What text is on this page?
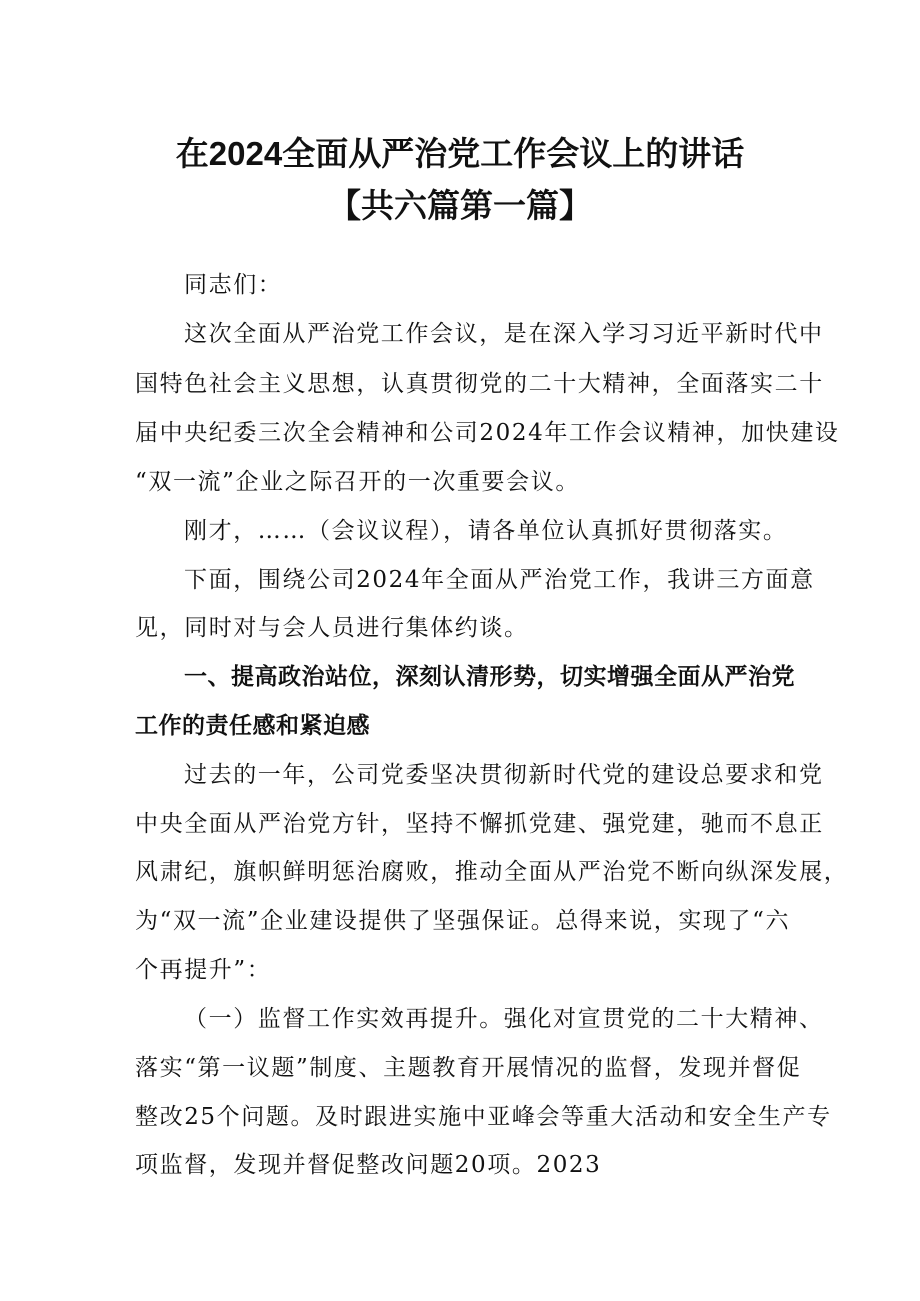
在2024全面从严治党工作会议上的讲话
【共六篇第一篇】
同志们：
这次全面从严治党工作会议，是在深入学习习近平新时代中
国特色社会主义思想，认真贯彻党的二十大精神，全面落实二十
届中央纪委三次全会精神和公司2024年工作会议精神，加快建设
“双一流”企业之际召开的一次重要会议。
刚才，……（会议议程），请各单位认真抓好贯彻落实。
下面，围绕公司2024年全面从严治党工作，我讲三方面意
见，同时对与会人员进行集体约谈。
一、提高政治站位，深刻认清形势，切实增强全面从严治党
工作的责任感和紧迫感
过去的一年，公司党委坚决贯彻新时代党的建设总要求和党
中央全面从严治党方针，坚持不懈抓党建、强党建，驰而不息正
风肃纪，旗帜鲜明惩治腐败，推动全面从严治党不断向纵深发展，
为“双一流”企业建设提供了坚强保证。总得来说，实现了“六
个再提升”：
（一）监督工作实效再提升。强化对宣贯党的二十大精神、
落实“第一议题”制度、主题教育开展情况的监督，发现并督促
整改25个问题。及时跟进实施中亚峰会等重大活动和安全生产专
项监督，发现并督促整改问题20项。2023
